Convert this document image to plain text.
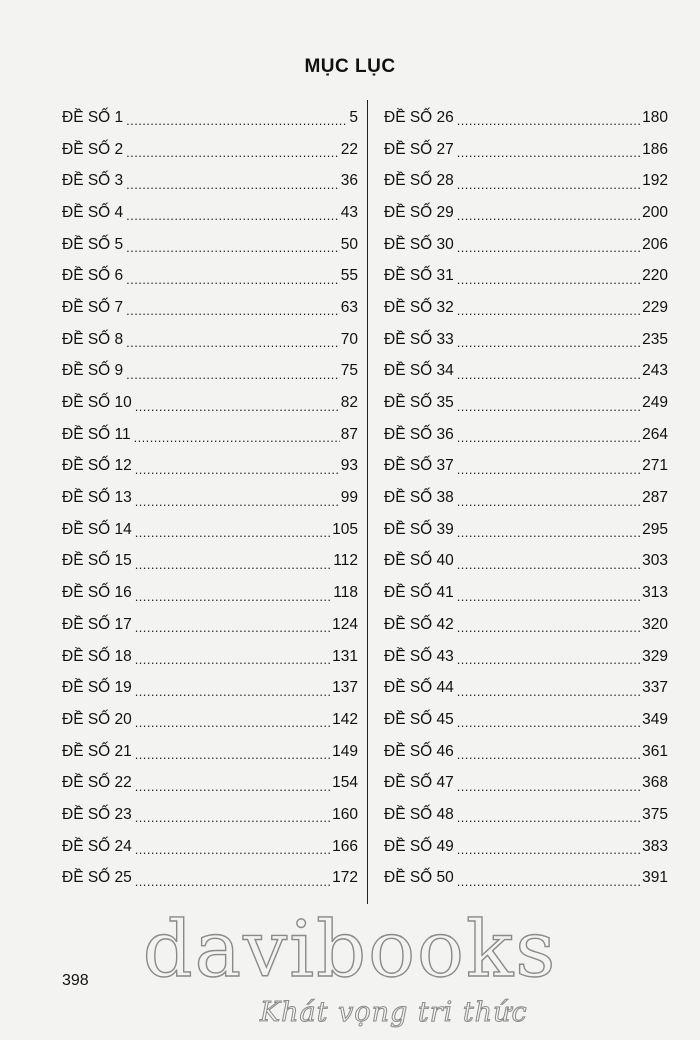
MỤC LỤC
ĐỀ SỐ 1 .....	5
ĐỀ SỐ 2 .....	22
ĐỀ SỐ 3 .....	36
ĐỀ SỐ 4 .....	43
ĐỀ SỐ 5 .....	50
ĐỀ SỐ 6 .....	55
ĐỀ SỐ 7 .....	63
ĐỀ SỐ 8 .....	70
ĐỀ SỐ 9 .....	75
ĐỀ SỐ 10 .....	82
ĐỀ SỐ 11 .....	87
ĐỀ SỐ 12 .....	93
ĐỀ SỐ 13 .....	99
ĐỀ SỐ 14 .....	105
ĐỀ SỐ 15 .....	112
ĐỀ SỐ 16 .....	118
ĐỀ SỐ 17 .....	124
ĐỀ SỐ 18 .....	131
ĐỀ SỐ 19 .....	137
ĐỀ SỐ 20 .....	142
ĐỀ SỐ 21 .....	149
ĐỀ SỐ 22 .....	154
ĐỀ SỐ 23 .....	160
ĐỀ SỐ 24 .....	166
ĐỀ SỐ 25 .....	172
ĐỀ SỐ 26 .....	180
ĐỀ SỐ 27 .....	186
ĐỀ SỐ 28 .....	192
ĐỀ SỐ 29 .....	200
ĐỀ SỐ 30 .....	206
ĐỀ SỐ 31 .....	220
ĐỀ SỐ 32 .....	229
ĐỀ SỐ 33 .....	235
ĐỀ SỐ 34 .....	243
ĐỀ SỐ 35 .....	249
ĐỀ SỐ 36 .....	264
ĐỀ SỐ 37 .....	271
ĐỀ SỐ 38 .....	287
ĐỀ SỐ 39 .....	295
ĐỀ SỐ 40 .....	303
ĐỀ SỐ 41 .....	313
ĐỀ SỐ 42 .....	320
ĐỀ SỐ 43 .....	329
ĐỀ SỐ 44 .....	337
ĐỀ SỐ 45 .....	349
ĐỀ SỐ 46 .....	361
ĐỀ SỐ 47 .....	368
ĐỀ SỐ 48 .....	375
ĐỀ SỐ 49 .....	383
ĐỀ SỐ 50 .....	391
398 davibooks
Khát vọng tri thức
